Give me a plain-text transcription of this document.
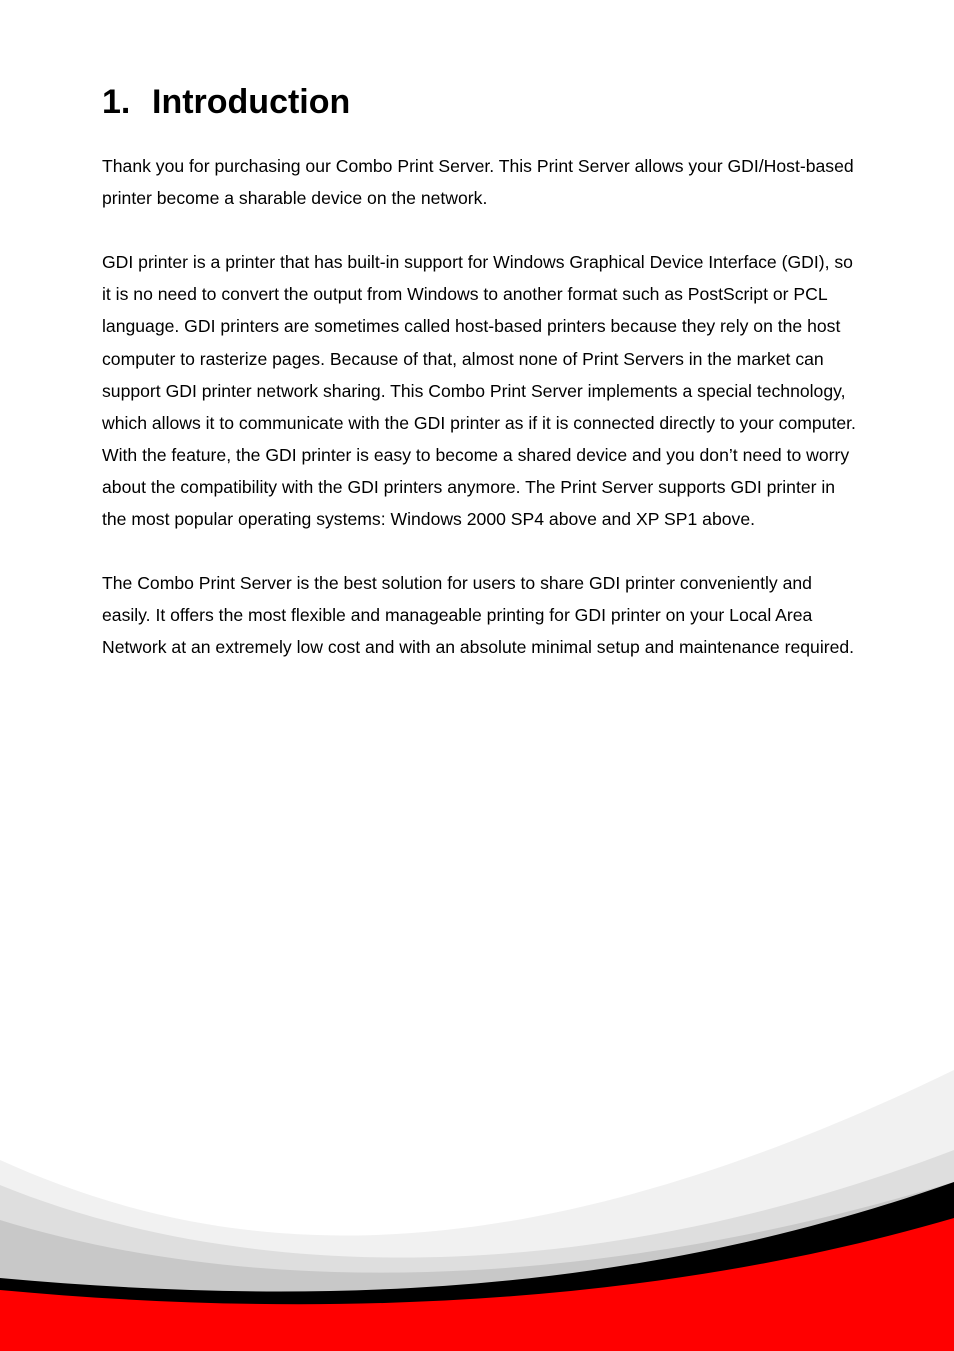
1. Introduction

Thank you for purchasing our Combo Print Server. This Print Server allows your GDI/Host-based printer become a sharable device on the network.

GDI printer is a printer that has built-in support for Windows Graphical Device Interface (GDI), so it is no need to convert the output from Windows to another format such as PostScript or PCL language. GDI printers are sometimes called host-based printers because they rely on the host computer to rasterize pages. Because of that, almost none of Print Servers in the market can support GDI printer network sharing. This Combo Print Server implements a special technology, which allows it to communicate with the GDI printer as if it is connected directly to your computer. With the feature, the GDI printer is easy to become a shared device and you don’t need to worry about the compatibility with the GDI printers anymore. The Print Server supports GDI printer in the most popular operating systems: Windows 2000 SP4 above and XP SP1 above.

The Combo Print Server is the best solution for users to share GDI printer conveniently and easily. It offers the most flexible and manageable printing for GDI printer on your Local Area Network at an extremely low cost and with an absolute minimal setup and maintenance required.
